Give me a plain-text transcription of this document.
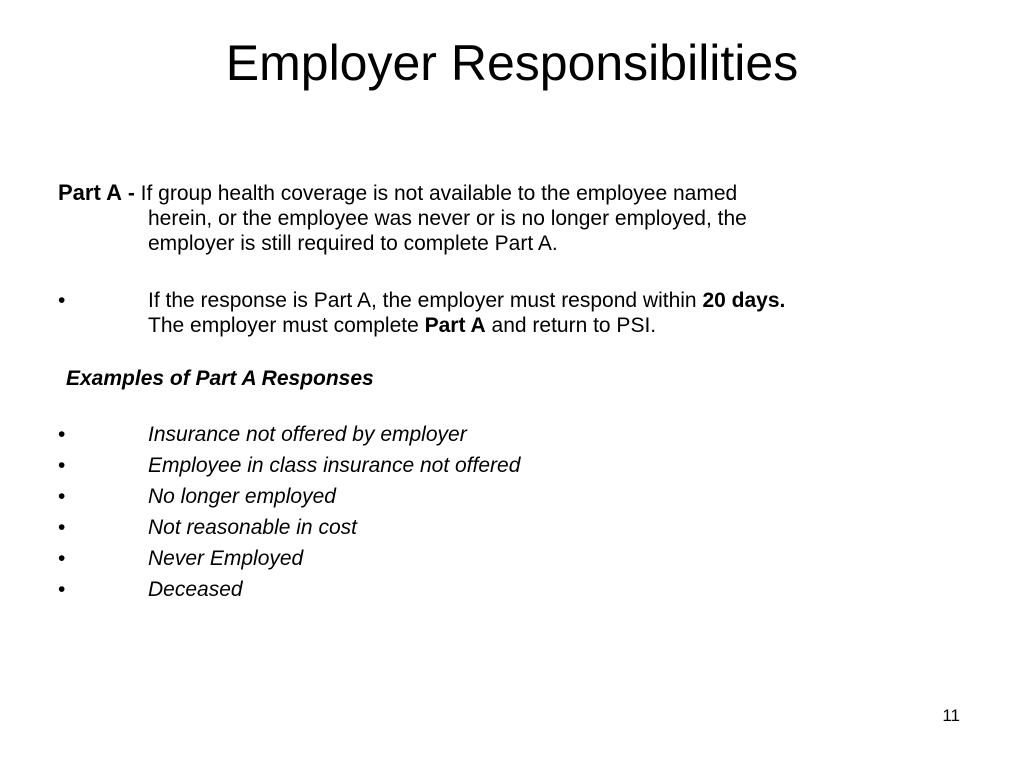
Employer Responsibilities

Part A - If group health coverage is not available to the employee named
herein, or the employee was never or is no longer employed, the
employer is still required to complete Part A.

•	If the response is Part A, the employer must respond within 20 days.
The employer must complete Part A and return to PSI.

Examples of Part A Responses

•	Insurance not offered by employer

•	Employee in class insurance not offered

•	No longer employed

•	Not reasonable in cost

•	Never Employed

•	Deceased

11
